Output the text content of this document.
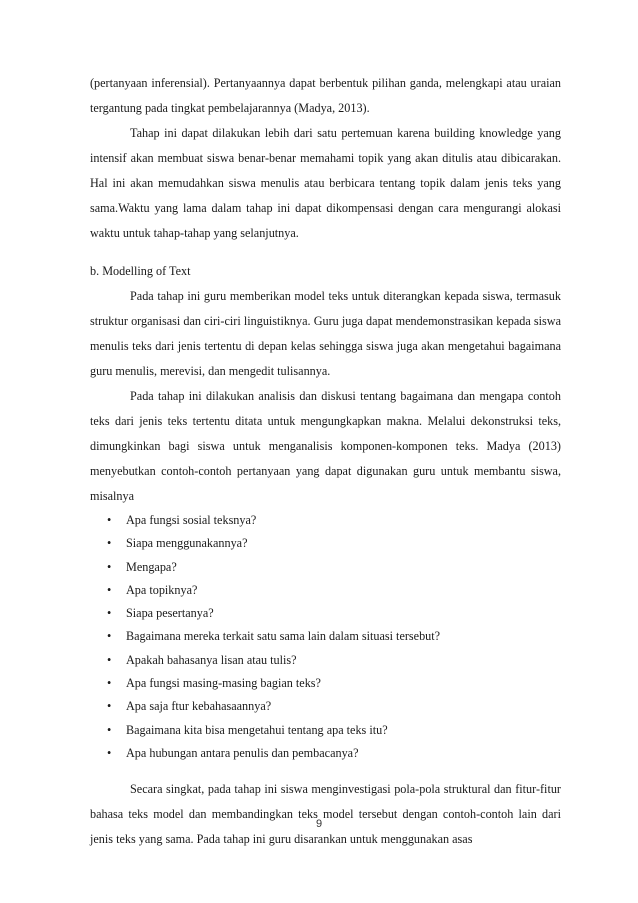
(pertanyaan inferensial). Pertanyaannya dapat berbentuk pilihan ganda, melengkapi atau uraian tergantung pada tingkat pembelajarannya (Madya, 2013).

Tahap ini dapat dilakukan lebih dari satu pertemuan karena building knowledge yang intensif akan membuat siswa benar-benar memahami topik yang akan ditulis atau dibicarakan. Hal ini akan memudahkan siswa menulis atau berbicara tentang topik dalam jenis teks yang sama.Waktu yang lama dalam tahap ini dapat dikompensasi dengan cara mengurangi alokasi waktu untuk tahap-tahap yang selanjutnya.

b. Modelling of Text

Pada tahap ini guru memberikan model teks untuk diterangkan kepada siswa, termasuk struktur organisasi dan ciri-ciri linguistiknya. Guru juga dapat mendemonstrasikan kepada siswa menulis teks dari jenis tertentu di depan kelas sehingga siswa juga akan mengetahui bagaimana guru menulis, merevisi, dan mengedit tulisannya.

Pada tahap ini dilakukan analisis dan diskusi tentang bagaimana dan mengapa contoh teks dari jenis teks tertentu ditata untuk mengungkapkan makna. Melalui dekonstruksi teks, dimungkinkan bagi siswa untuk menganalisis komponen-komponen teks. Madya (2013) menyebutkan contoh-contoh pertanyaan yang dapat digunakan guru untuk membantu siswa, misalnya

• Apa fungsi sosial teksnya?
• Siapa menggunakannya?
• Mengapa?
• Apa topiknya?
• Siapa pesertanya?
• Bagaimana mereka terkait satu sama lain dalam situasi tersebut?
• Apakah bahasanya lisan atau tulis?
• Apa fungsi masing-masing bagian teks?
• Apa saja ftur kebahasaannya?
• Bagaimana kita bisa mengetahui tentang apa teks itu?
• Apa hubungan antara penulis dan pembacanya?

Secara singkat, pada tahap ini siswa menginvestigasi pola-pola struktural dan fitur-fitur bahasa teks model dan membandingkan teks model tersebut dengan contoh-contoh lain dari jenis teks yang sama. Pada tahap ini guru disarankan untuk menggunakan asas

9
